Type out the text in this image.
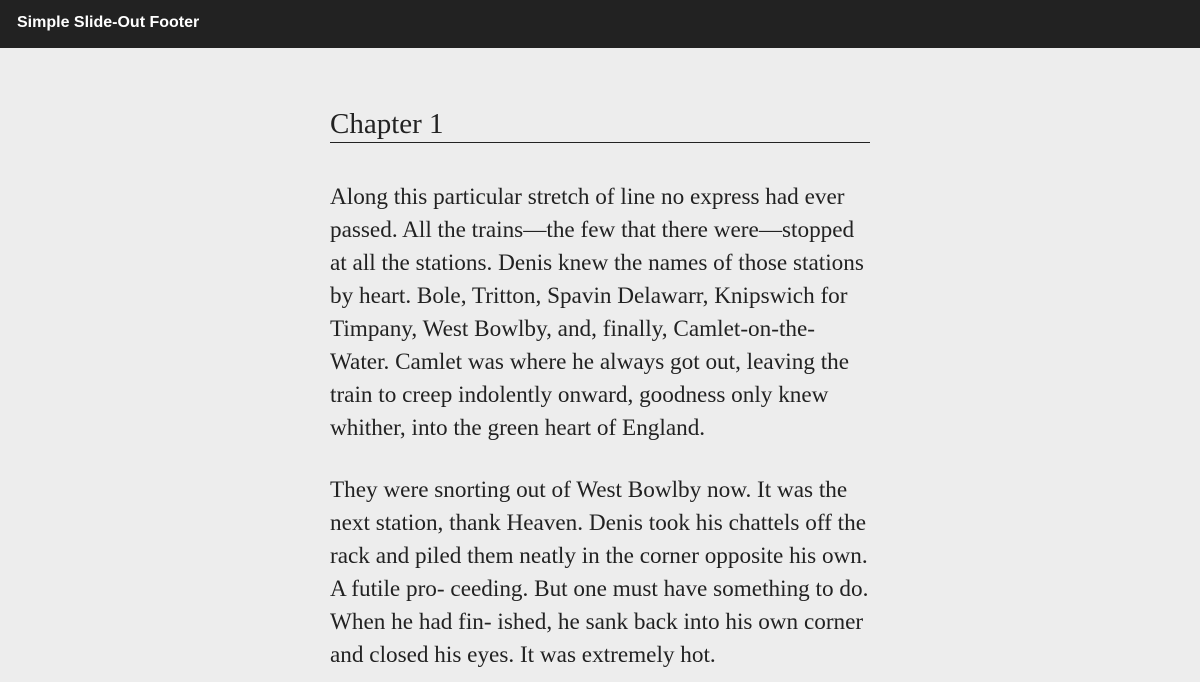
Simple Slide-Out Footer
Chapter 1

Along this particular stretch of line no express had ever passed. All the trains—the few that there were—stopped at all the stations. Denis knew the names of those stations by heart. Bole, Tritton, Spavin Delawarr, Knipswich for Timpany, West Bowlby, and, finally, Camlet-on-the-Water. Camlet was where he always got out, leaving the train to creep indolently onward, goodness only knew whither, into the green heart of England.

They were snorting out of West Bowlby now. It was the next station, thank Heaven. Denis took his chattels off the rack and piled them neatly in the corner opposite his own. A futile pro- ceeding. But one must have something to do. When he had fin- ished, he sank back into his own corner and closed his eyes. It was extremely hot.
